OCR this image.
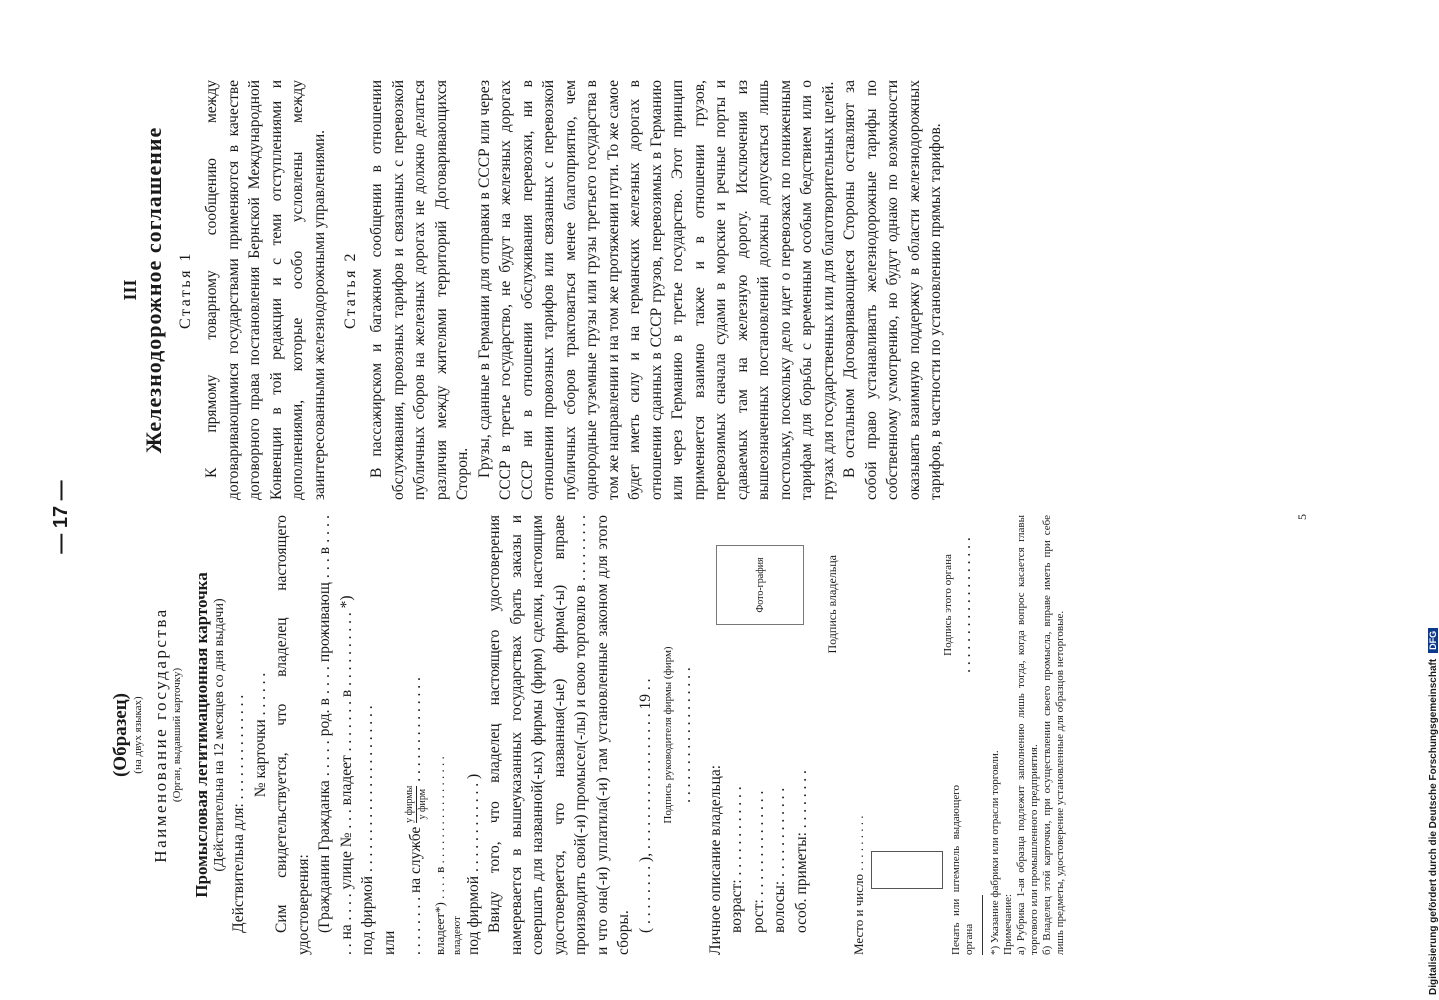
Digitalisierung gefördert durch die Deutsche ForschungsgemeinschaftDFG
— 17 —
(Образец) (на двух языках) Наименование государства (Орган, выдавший карточку) Промысловая легитимационная карточка (Действительна на 12 месяцев со дня выдачи) Действительна для: . . . . . . . . . . . . . . № карточки . . . . . . Сим свидетельствуется, что владелец настоящего удостоверения: (Гражданин Гражданка . . . . . род. в . . . . проживающ . . . в . . . . . . на . . . . улице № . . . владеет . . . . . . . в . . . . . . . . . . *) под фирмой . . . . . . . . . . . . . . . . . . . . . . или . . . . . . . . на службе
у фирмы у фирм
. . . . . . . . . . . . . .

владеет*) . . . . в . . . . . . . . . . . . . . . . . владеют под фирмой . . . . . . . . . . . . ) Ввиду того, что владелец настоящего удостоверения намеревается в вышеуказанных государствах брать заказы и совершать для названной(-ых) фирмы (фирм) сделки, настоящим удостоверяется, что названная(-ые) фирма(-ы) вправе производить свой(-и) промысел(-лы) и свою торговлю в . . . . . . . . . и что она(-и) уплатила(-и) там установленные законом для этого сборы. ( . . . . . . . . ), . . . . . . . . . . . . . . . . . . 19 . . Подпись руководителя фирмы (фирм) . . . . . . . . . . . . . . . . . .

Личное описание владельца: возраст: . . . . . . . . . . . . рост: . . . . . . . . . . . . . . волосы: . . . . . . . . . . . . особ. приметы: . . . . . . . .

Фото-графия	Подпись владельца

Место и число . . . . . . . . .	Печать или штемпель выдающего органа

Подпись этого органа . . . . . . . . . . . . . . . . . .

*) Указание фабрики или отрасли торговли. Примечание: а) Рубрика 1-ая образца подлежит заполнению лишь тогда, когда вопрос касается главы торгового или промышленного предприятия. б) Владелец этой карточки, при осуществлении своего промысла, вправе иметь при себе лишь предметы, удостоверение установленные для образцов неторговые.

III Железнодорожное соглашение Статья 1 К прямому товарному сообщению между договаривающимися государствами применяются в качестве договорного права постановления Бернской Международной Конвенции в той редакции и с теми отступлениями и дополнениями, которые особо условлены между заинтересованными железнодорожными управлениями. Статья 2 В пассажирском и багажном сообщении в отношении обслуживания, провозных тарифов и связанных с перевозкой публичных сборов на железных дорогах не должно делаться различия между жителями территорий Договаривающихся Сторон. Грузы, сданные в Германии для отправки в СССР или через СССР в третье государство, не будут на железных дорогах СССР ни в отношении обслуживания перевозки, ни в отношении провозных тарифов или связанных с перевозкой публичных сборов трактоваться менее благоприятно, чем однородные туземные грузы или грузы третьего государства в том же направлении и на том же протяжении пути. То же самое будет иметь силу и на германских железных дорогах в отношении сданных в СССР грузов, перевозимых в Германию или через Германию в третье государство. Этот принцип применяется взаимно также и в отношении грузов, перевозимых сначала судами в морские и речные порты и сдаваемых там на железную дорогу. Исключения из вышеозначенных постановлений должны допускаться лишь постольку, поскольку дело идет о перевозках по пониженным тарифам для борьбы с временным особым бедствием или о грузах для государственных или для благотворительных целей. В остальном Договаривающиеся Стороны оставляют за собой право устанавливать железнодорожные тарифы по собственному усмотрению, но будут однако по возможности оказывать взаимную поддержку в области железнодорожных тарифов, в частности по установлению прямых тарифов.

5
